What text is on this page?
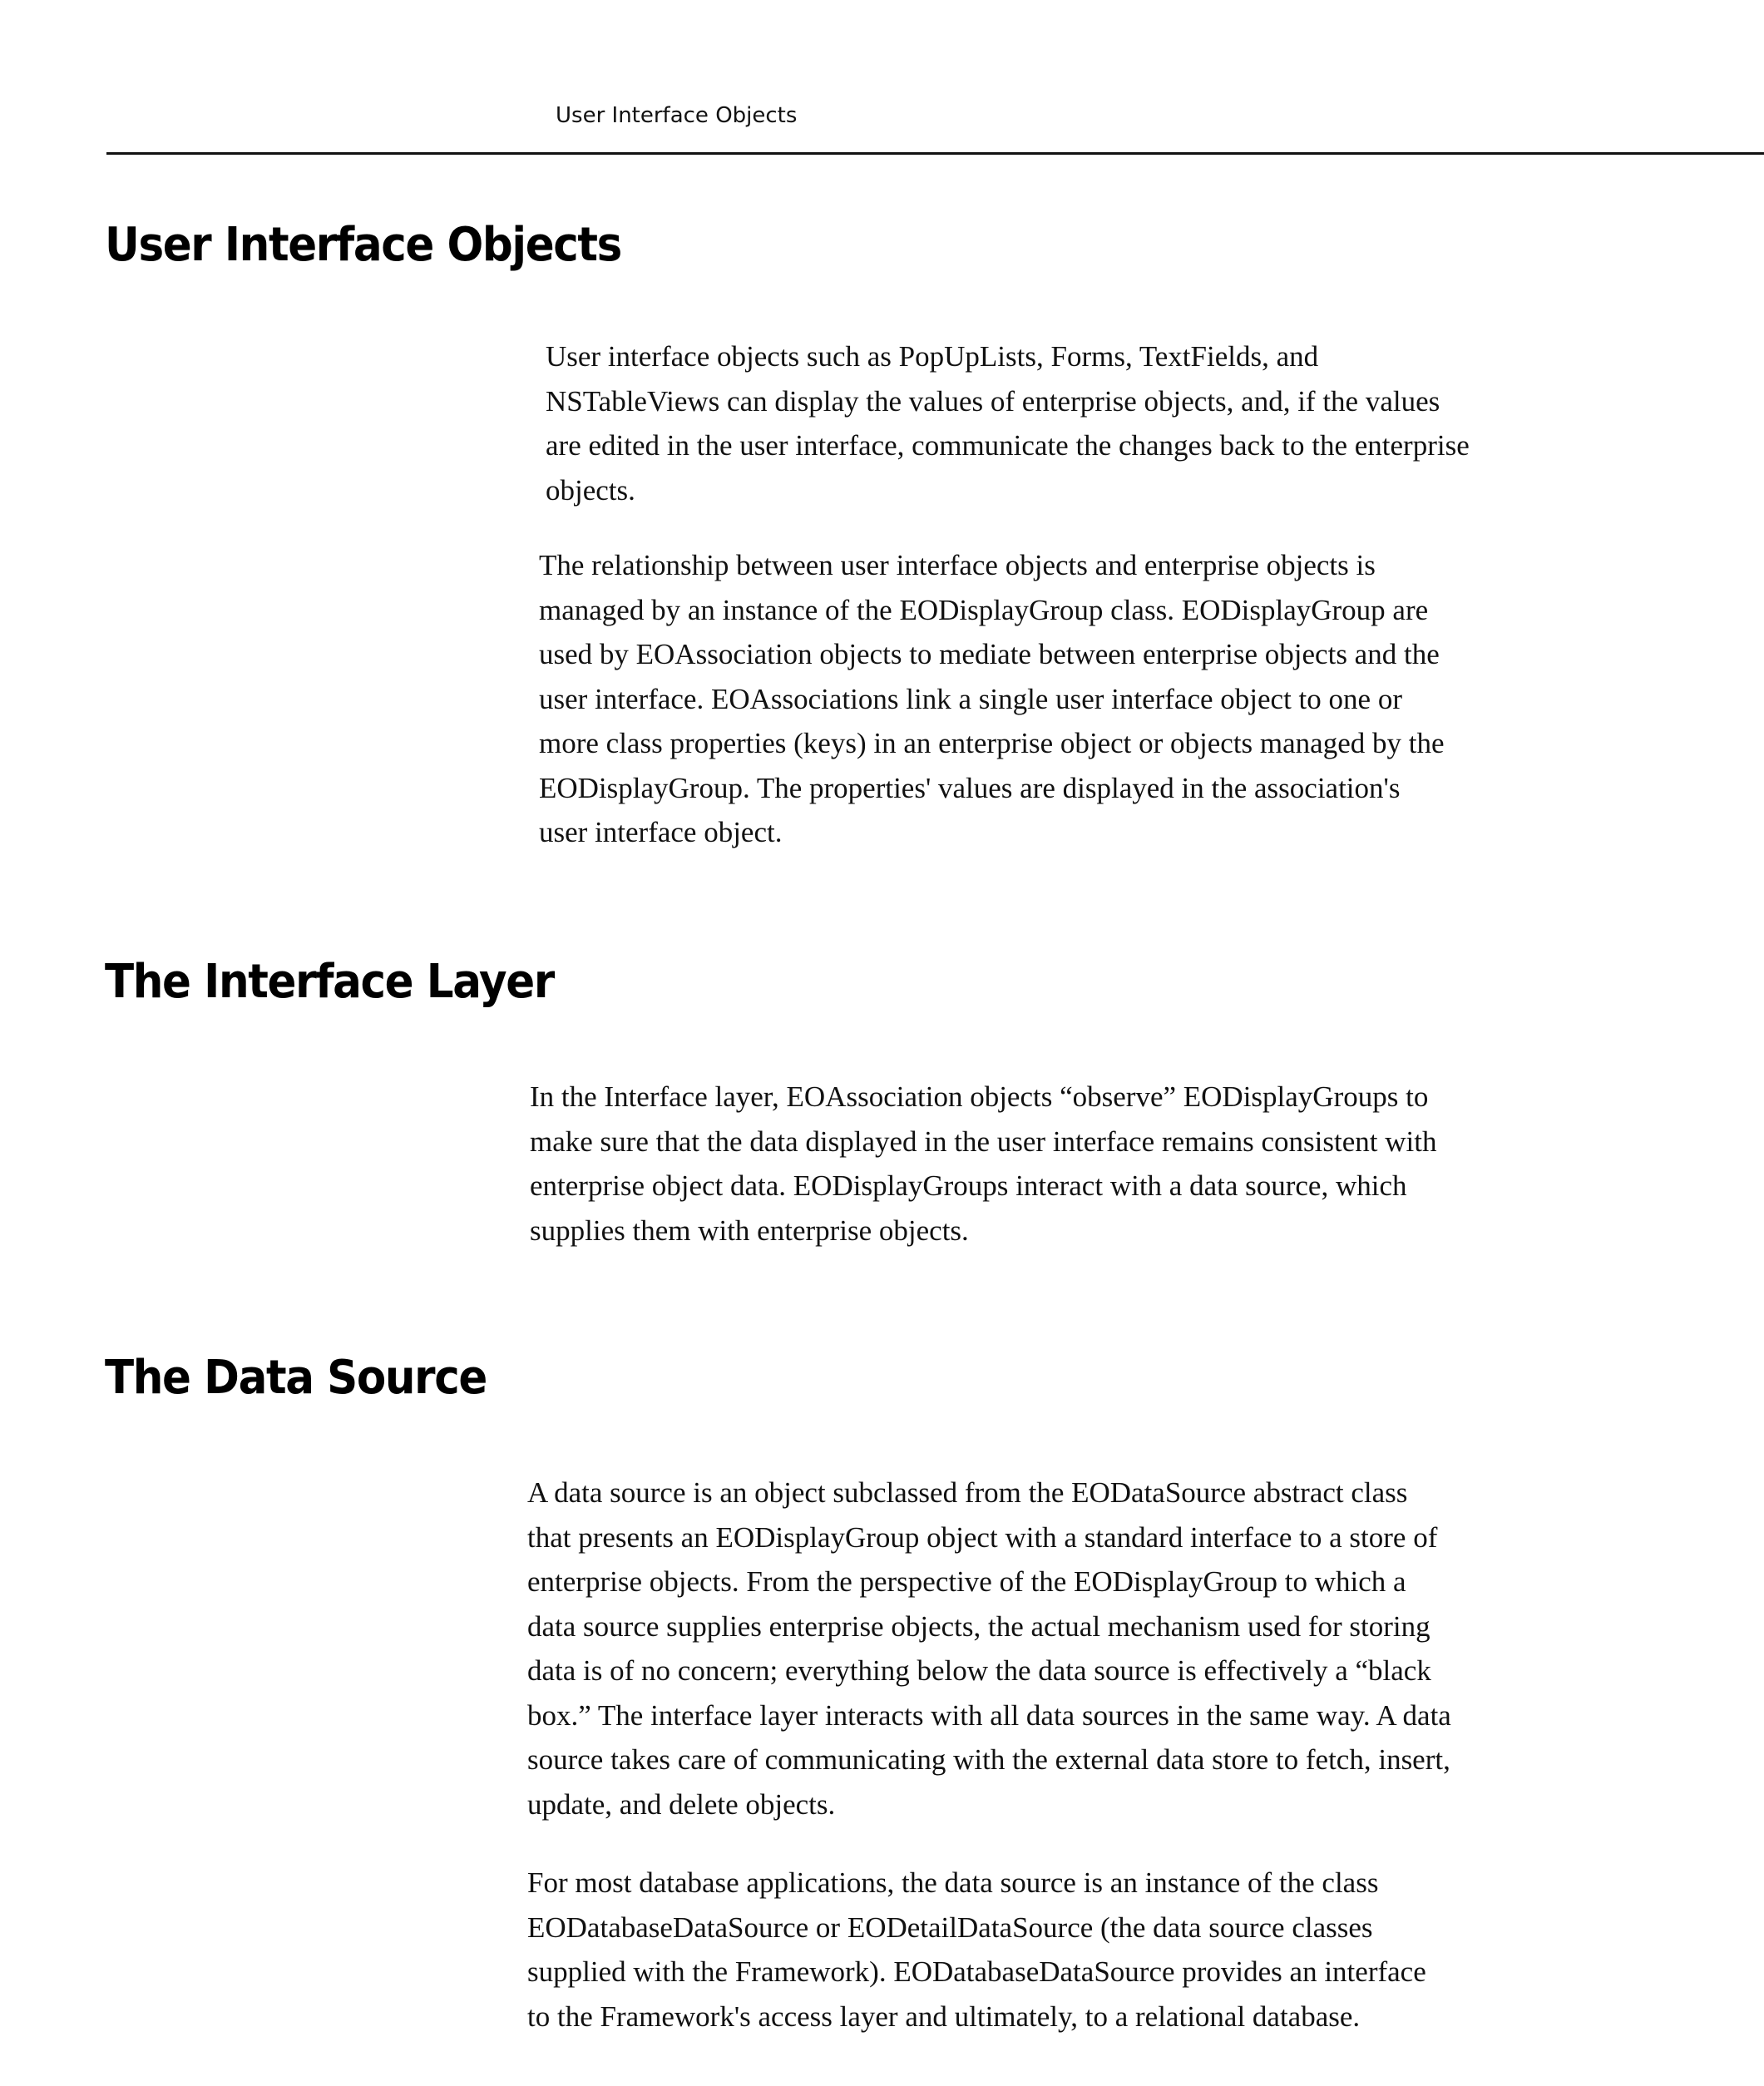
User Interface Objects
User Interface Objects
User interface objects such as PopUpLists, Forms, TextFields, and
NSTableViews can display the values of enterprise objects, and, if the values
are edited in the user interface, communicate the changes back to the enterprise
objects.
The relationship between user interface objects and enterprise objects is
managed by an instance of the EODisplayGroup class. EODisplayGroup are
used by EOAssociation objects to mediate between enterprise objects and the
user interface. EOAssociations link a single user interface object to one or
more class properties (keys) in an enterprise object or objects managed by the
EODisplayGroup. The properties' values are displayed in the association's
user interface object.
The Interface Layer
In the Interface layer, EOAssociation objects “observe” EODisplayGroups to
make sure that the data displayed in the user interface remains consistent with
enterprise object data. EODisplayGroups interact with a data source, which
supplies them with enterprise objects.
The Data Source
A data source is an object subclassed from the EODataSource abstract class
that presents an EODisplayGroup object with a standard interface to a store of
enterprise objects. From the perspective of the EODisplayGroup to which a
data source supplies enterprise objects, the actual mechanism used for storing
data is of no concern; everything below the data source is effectively a “black
box.” The interface layer interacts with all data sources in the same way. A data
source takes care of communicating with the external data store to fetch, insert,
update, and delete objects.
For most database applications, the data source is an instance of the class
EODatabaseDataSource or EODetailDataSource (the data source classes
supplied with the Framework). EODatabaseDataSource provides an interface
to the Framework's access layer and ultimately, to a relational database.
